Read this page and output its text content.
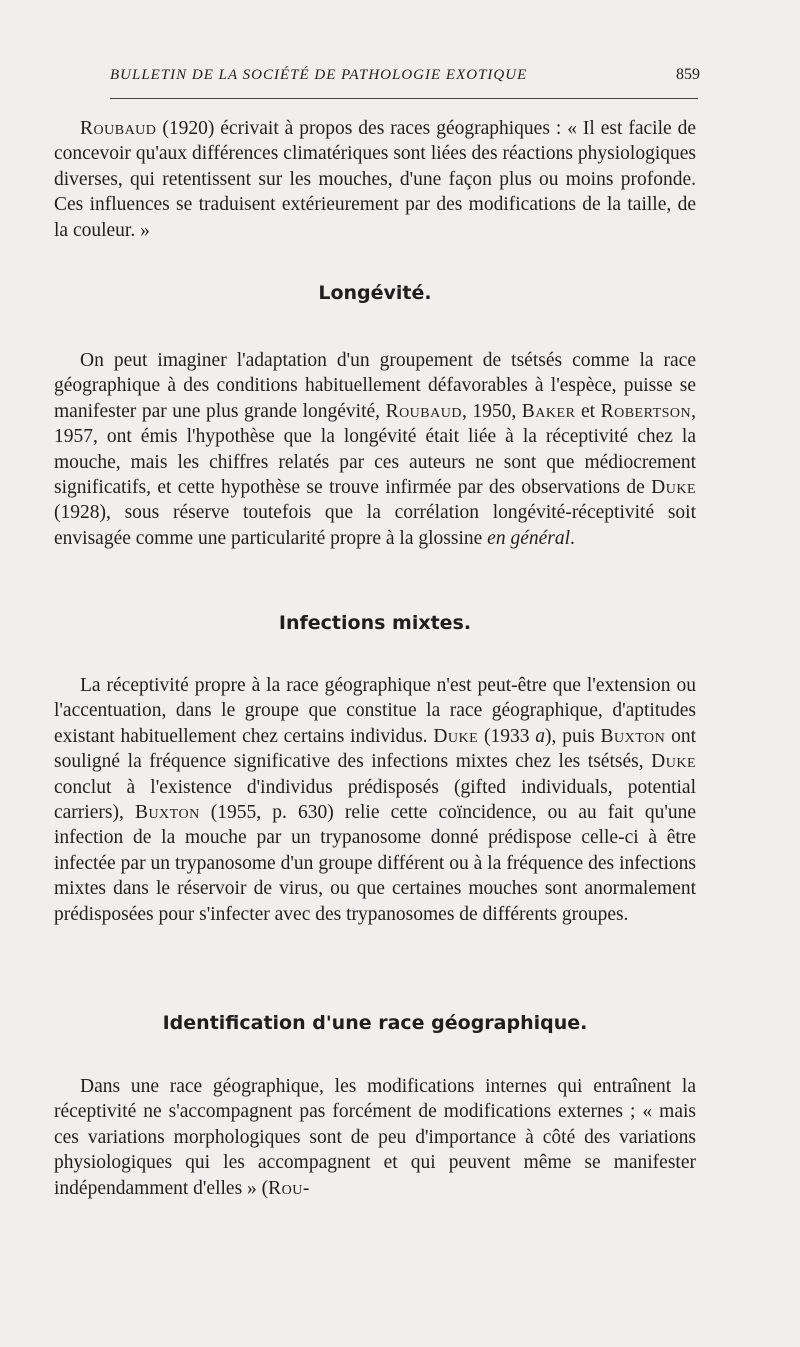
BULLETIN DE LA SOCIÉTÉ DE PATHOLOGIE EXOTIQUE	859

Roubaud (1920) écrivait à propos des races géographiques : « Il est facile de concevoir qu'aux différences climatériques sont liées des réactions physiologiques diverses, qui retentissent sur les mouches, d'une façon plus ou moins profonde. Ces influences se traduisent extérieurement par des modifications de la taille, de la couleur. »

Longévité.

On peut imaginer l'adaptation d'un groupement de tsétsés comme la race géographique à des conditions habituellement défavorables à l'espèce, puisse se manifester par une plus grande longévité, Roubaud, 1950, Baker et Robertson, 1957, ont émis l'hypothèse que la longévité était liée à la réceptivité chez la mouche, mais les chiffres relatés par ces auteurs ne sont que médiocrement significatifs, et cette hypothèse se trouve infirmée par des observations de Duke (1928), sous réserve toutefois que la corrélation longévité-réceptivité soit envisagée comme une particularité propre à la glossine en général.

Infections mixtes.

La réceptivité propre à la race géographique n'est peut-être que l'extension ou l'accentuation, dans le groupe que constitue la race géographique, d'aptitudes existant habituellement chez certains individus. Duke (1933 a), puis Buxton ont souligné la fréquence significative des infections mixtes chez les tsétsés, Duke conclut à l'existence d'individus prédisposés (gifted individuals, potential carriers), Buxton (1955, p. 630) relie cette coïncidence, ou au fait qu'une infection de la mouche par un trypanosome donné prédispose celle-ci à être infectée par un trypanosome d'un groupe différent ou à la fréquence des infections mixtes dans le réservoir de virus, ou que certaines mouches sont anormalement prédisposées pour s'infecter avec des trypanosomes de différents groupes.

Identification d'une race géographique.

Dans une race géographique, les modifications internes qui entraînent la réceptivité ne s'accompagnent pas forcément de modifications externes ; « mais ces variations morphologiques sont de peu d'importance à côté des variations physiologiques qui les accompagnent et qui peuvent même se manifester indépendamment d'elles » (Rou-
